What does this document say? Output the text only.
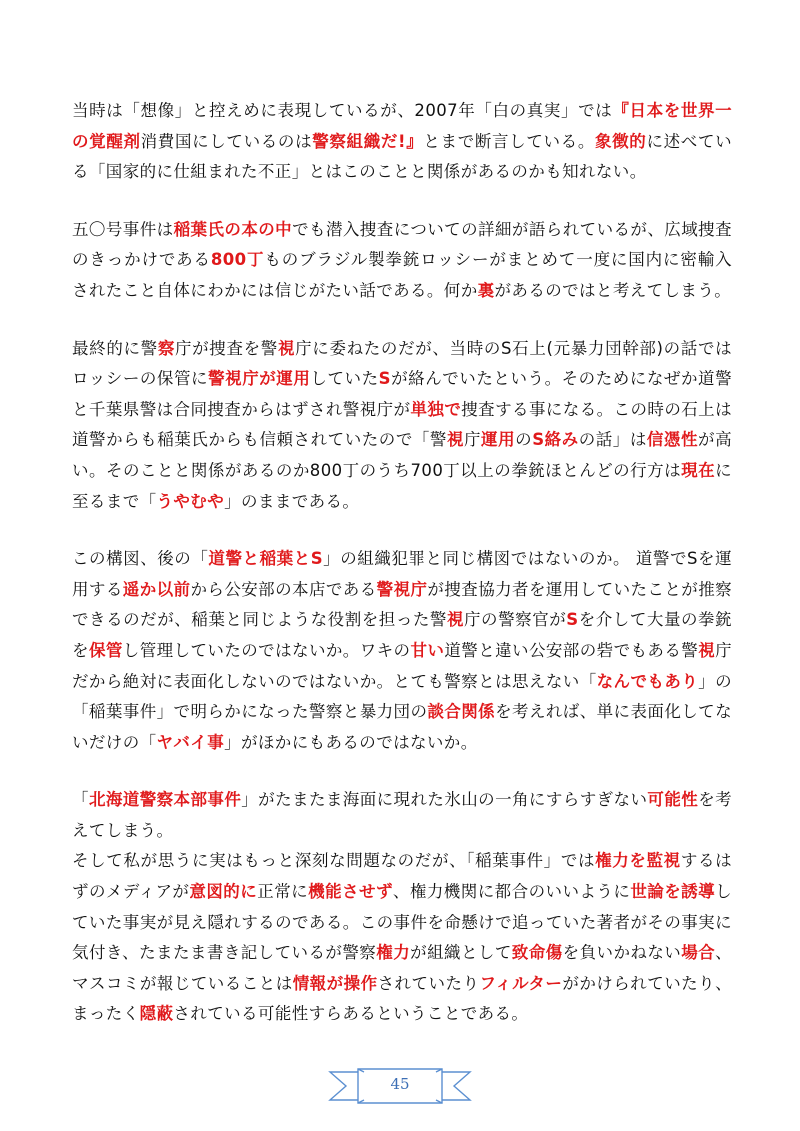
当時は「想像」と控えめに表現しているが、2007年「白の真実」では『日本を世界一の覚醒剤消費国にしているのは警察組織だ!』とまで断言している。象徴的に述べている「国家的に仕組まれた不正」とはこのことと関係があるのかも知れない。

五〇号事件は稲葉氏の本の中でも潜入捜査についての詳細が語られているが、広域捜査のきっかけである800丁ものブラジル製拳銃ロッシーがまとめて一度に国内に密輸入されたこと自体にわかには信じがたい話である。何か裏があるのではと考えてしまう。

最終的に警察庁が捜査を警視庁に委ねたのだが、当時のS石上(元暴力団幹部)の話ではロッシーの保管に警視庁が運用していたSが絡んでいたという。そのためになぜか道警と千葉県警は合同捜査からはずされ警視庁が単独で捜査する事になる。この時の石上は道警からも稲葉氏からも信頼されていたので「警視庁運用のS絡みの話」は信憑性が高い。そのことと関係があるのか800丁のうち700丁以上の拳銃ほとんどの行方は現在に至るまで「うやむや」のままである。

この構図、後の「道警と稲葉とS」の組織犯罪と同じ構図ではないのか。 道警でSを運用する遥か以前から公安部の本店である警視庁が捜査協力者を運用していたことが推察できるのだが、稲葉と同じような役割を担った警視庁の警察官がSを介して大量の拳銃を保管し管理していたのではないか。ワキの甘い道警と違い公安部の砦でもある警視庁だから絶対に表面化しないのではないか。とても警察とは思えない「なんでもあり」の「稲葉事件」で明らかになった警察と暴力団の談合関係を考えれば、単に表面化してないだけの「ヤバイ事」がほかにもあるのではないか。

「北海道警察本部事件」がたまたま海面に現れた氷山の一角にすらすぎない可能性を考えてしまう。

そして私が思うに実はもっと深刻な問題なのだが、「稲葉事件」では権力を監視するはずのメディアが意図的に正常に機能させず、権力機関に都合のいいように世論を誘導していた事実が見え隠れするのである。この事件を命懸けで追っていた著者がその事実に気付き、たまたま書き記しているが警察権力が組織として致命傷を負いかねない場合、マスコミが報じていることは情報が操作されていたりフィルターがかけられていたり、まったく隠蔽されている可能性すらあるということである。

45
